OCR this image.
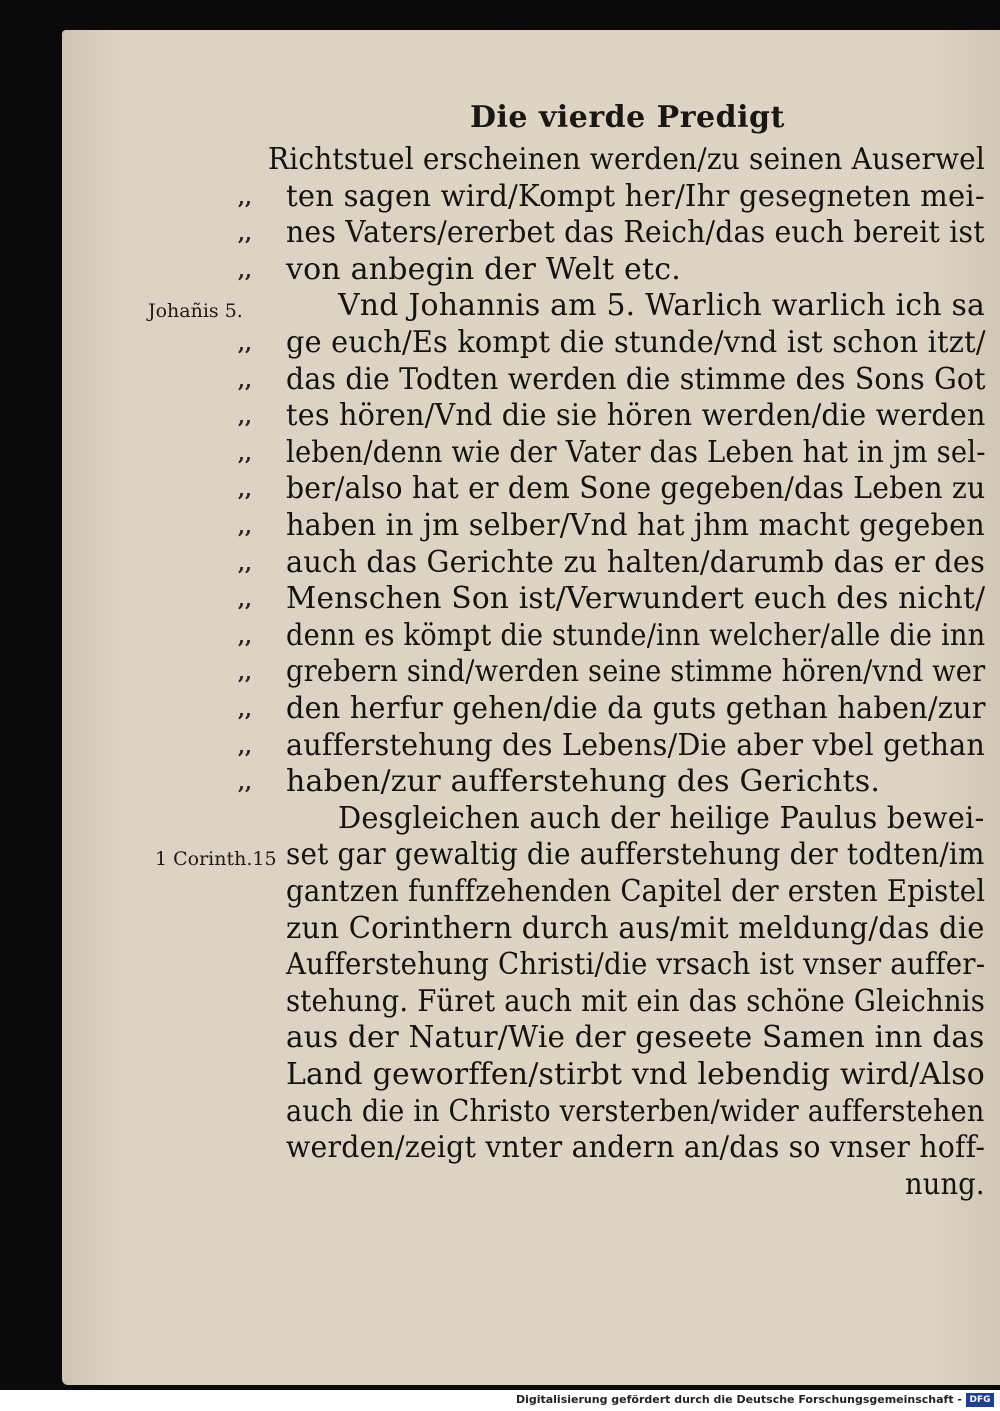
Die vierde Predigt
Johañis 5.
1 Corinth.15
Richtstuel erscheinen werden/zu seinen Auserwel
ten sagen wird/Kompt her/Ihr gesegneten mei-
,,
nes Vaters/ererbet das Reich/das euch bereit ist
,,
von anbegin der Welt etc.
,,
Vnd Johannis am 5. Warlich warlich ich sa
ge euch/Es kompt die stunde/vnd ist schon itzt/
,,
das die Todten werden die stimme des Sons Got
,,
tes hören/Vnd die sie hören werden/die werden
,,
leben/denn wie der Vater das Leben hat in jm sel-
,,
ber/also hat er dem Sone gegeben/das Leben zu
,,
haben in jm selber/Vnd hat jhm macht gegeben
,,
auch das Gerichte zu halten/darumb das er des
,,
Menschen Son ist/Verwundert euch des nicht/
,,
denn es kömpt die stunde/inn welcher/alle die inn
,,
grebern sind/werden seine stimme hören/vnd wer
,,
den herfur gehen/die da guts gethan haben/zur
,,
aufferstehung des Lebens/Die aber vbel gethan
,,
haben/zur aufferstehung des Gerichts.
,,
Desgleichen auch der heilige Paulus bewei-
set gar gewaltig die aufferstehung der todten/im
gantzen funffzehenden Capitel der ersten Epistel
zun Corinthern durch aus/mit meldung/das die
Aufferstehung Christi/die vrsach ist vnser auffer-
stehung. Füret auch mit ein das schöne Gleichnis
aus der Natur/Wie der geseete Samen inn das
Land geworffen/stirbt vnd lebendig wird/Also
auch die in Christo versterben/wider aufferstehen
werden/zeigt vnter andern an/das so vnser hoff-
nung.
Digitalisierung gefördert durch die Deutsche Forschungsgemeinschaft - DFG
